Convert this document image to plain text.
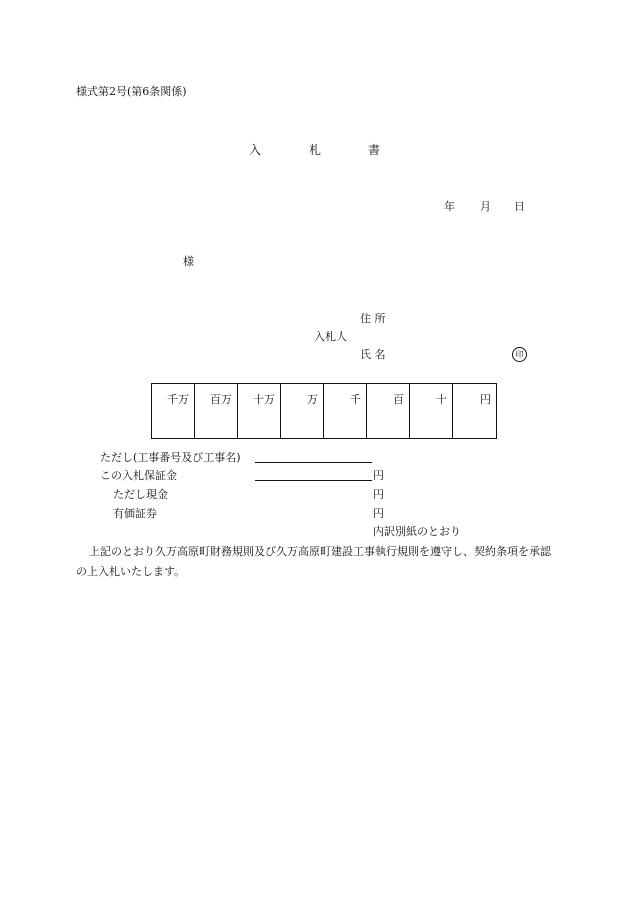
様式第2号(第6条関係)
入	札	書
年 月 日
様
住 所
入札人
氏 名	印
千万 百万 十万	万	千	百	十	円
ただし(工事番号及び工事名)
この入札保証金	円
ただし現金	円
有価証券	円
内訳別紙のとおり
上記のとおり久万高原町財務規則及び久万高原町建設工事執行規則を遵守し、契約条項を承認の上入札いたします。
